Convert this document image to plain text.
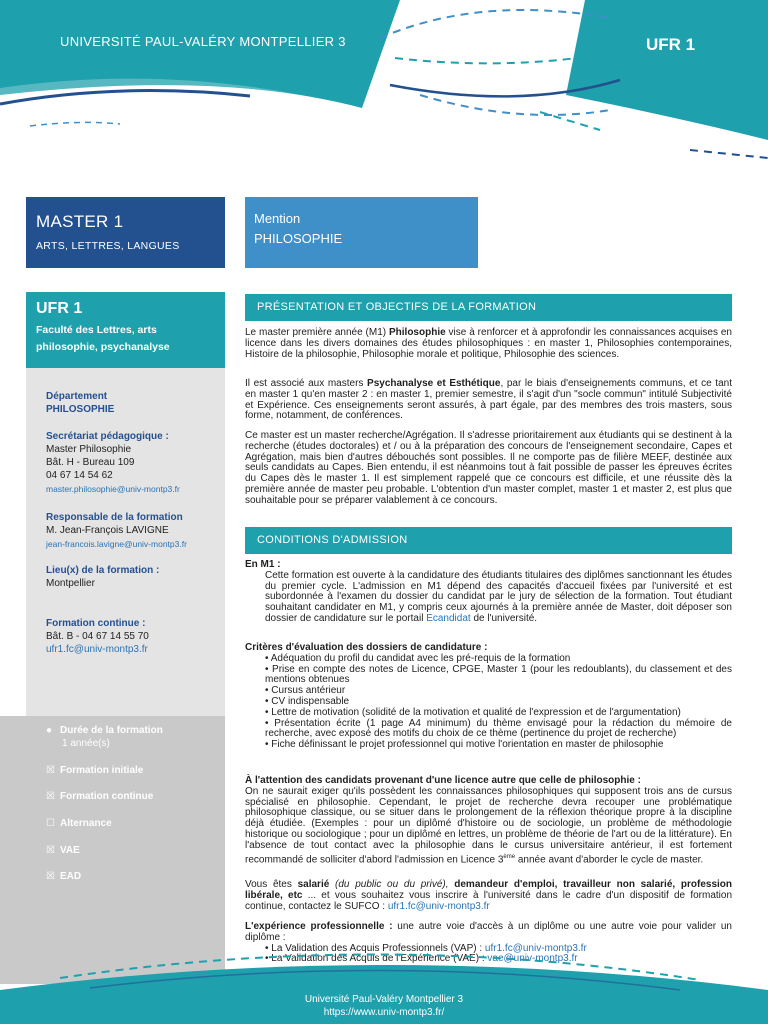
UNIVERSITÉ PAUL-VALÉRY MONTPELLIER 3	UFR 1
MASTER 1
ARTS, LETTRES, LANGUES
Mention
PHILOSOPHIE
UFR 1
Faculté des Lettres, arts philosophie, psychanalyse
Département
PHILOSOPHIE
Secrétariat pédagogique :
Master Philosophie
Bât. H - Bureau 109
04 67 14 54 62
master.philosophie@univ-montp3.fr
Responsable de la formation
M. Jean-François LAVIGNE
jean-francois.lavigne@univ-montp3.fr
Lieu(x) de la formation :
Montpellier
Formation continue :
Bât. B - 04 67 14 55 70
ufr1.fc@univ-montp3.fr
● Durée de la formation
1 année(s)
☒ Formation initiale
☒ Formation continue
☐ Alternance
☒ VAE
☒ EAD
PRÉSENTATION ET OBJECTIFS DE LA FORMATION
Le master première année (M1) Philosophie vise à renforcer et à approfondir les connaissances acquises en licence dans les divers domaines des études philosophiques : en master 1, Philosophies contemporaines, Histoire de la philosophie, Philosophie morale et politique, Philosophie des sciences.
Il est associé aux masters Psychanalyse et Esthétique, par le biais d'enseignements communs, et ce tant en master 1 qu'en master 2 : en master 1, premier semestre, il s'agit d'un "socle commun" intitulé Subjectivité et Expérience. Ces enseignements seront assurés, à part égale, par des membres des trois masters, sous forme, notamment, de conférences.
Ce master est un master recherche/Agrégation. Il s'adresse prioritairement aux étudiants qui se destinent à la recherche (études doctorales) et / ou à la préparation des concours de l'enseignement secondaire, Capes et Agrégation, mais bien d'autres débouchés sont possibles. Il ne comporte pas de filière MEEF, destinée aux seuls candidats au Capes. Bien entendu, il est néanmoins tout à fait possible de passer les épreuves écrites du Capes dès le master 1. Il est simplement rappelé que ce concours est difficile, et une réussite dès la première année de master peu probable. L'obtention d'un master complet, master 1 et master 2, est plus que souhaitable pour se préparer valablement à ce concours.
CONDITIONS D'ADMISSION
En M1 :
Cette formation est ouverte à la candidature des étudiants titulaires des diplômes sanctionnant les études du premier cycle. L'admission en M1 dépend des capacités d'accueil fixées par l'université et est subordonnée à l'examen du dossier du candidat par le jury de sélection de la formation. Tout étudiant souhaitant candidater en M1, y compris ceux ajournés à la première année de Master, doit déposer son dossier de candidature sur le portail Ecandidat de l'université.
Critères d'évaluation des dossiers de candidature :
• Adéquation du profil du candidat avec les pré-requis de la formation
• Prise en compte des notes de Licence, CPGE, Master 1 (pour les redoublants), du classement et des mentions obtenues
• Cursus antérieur
• CV indispensable
• Lettre de motivation (solidité de la motivation et qualité de l'expression et de l'argumentation)
• Présentation écrite (1 page A4 minimum) du thème envisagé pour la rédaction du mémoire de recherche, avec exposé des motifs du choix de ce thème (pertinence du projet de recherche)
• Fiche définissant le projet professionnel qui motive l'orientation en master de philosophie
À l'attention des candidats provenant d'une licence autre que celle de philosophie :
On ne saurait exiger qu'ils possèdent les connaissances philosophiques qui supposent trois ans de cursus spécialisé en philosophie. Cependant, le projet de recherche devra recouper une problématique philosophique classique, ou se situer dans le prolongement de la réflexion théorique propre à la discipline déjà étudiée. (Exemples : pour un diplômé d'histoire ou de sociologie, un problème de méthodologie historique ou sociologique ; pour un diplômé en lettres, un problème de théorie de l'art ou de la littérature). En l'absence de tout contact avec la philosophie dans le cursus universitaire antérieur, il est fortement recommandé de solliciter d'abord l'admission en Licence 3ème année avant d'aborder le cycle de master.
Vous êtes salarié (du public ou du privé), demandeur d'emploi, travailleur non salarié, profession libérale, etc ... et vous souhaitez vous inscrire à l'université dans le cadre d'un dispositif de formation continue, contactez le SUFCO : ufr1.fc@univ-montp3.fr
L'expérience professionnelle : une autre voie d'accès à un diplôme ou une autre voie pour valider un diplôme :
• La Validation des Acquis Professionnels (VAP) : ufr1.fc@univ-montp3.fr
• La Validation des Acquis de l'Expérience (VAE) : vae@univ-montp3.fr
Université Paul-Valéry Montpellier 3
https://www.univ-montp3.fr/
